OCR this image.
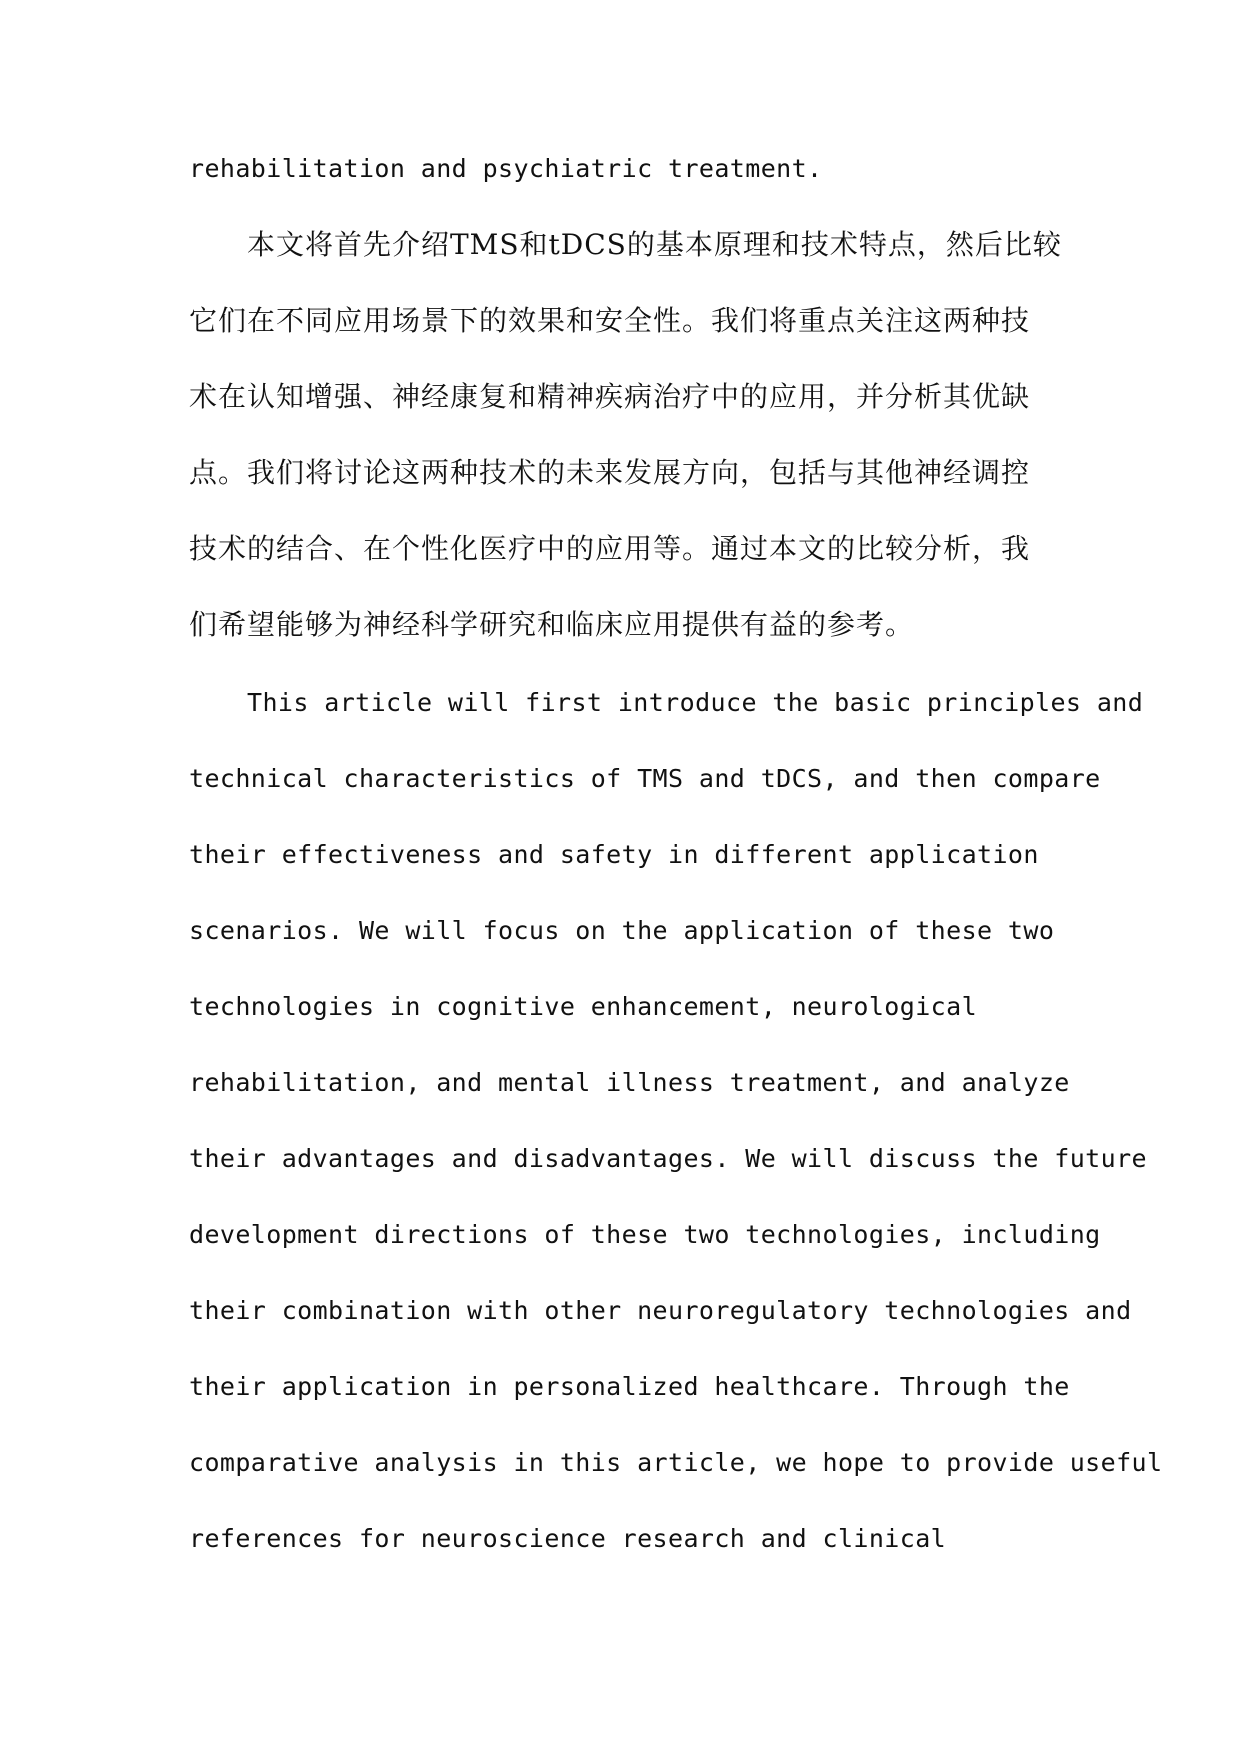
rehabilitation and psychiatric treatment.
本文将首先介绍TMS和tDCS的基本原理和技术特点，然后比较
它们在不同应用场景下的效果和安全性。我们将重点关注这两种技
术在认知增强、神经康复和精神疾病治疗中的应用，并分析其优缺
点。我们将讨论这两种技术的未来发展方向，包括与其他神经调控
技术的结合、在个性化医疗中的应用等。通过本文的比较分析，我
们希望能够为神经科学研究和临床应用提供有益的参考。
This article will first introduce the basic principles and
technical characteristics of TMS and tDCS, and then compare
their effectiveness and safety in different application
scenarios. We will focus on the application of these two
technologies in cognitive enhancement, neurological
rehabilitation, and mental illness treatment, and analyze
their advantages and disadvantages. We will discuss the future
development directions of these two technologies, including
their combination with other neuroregulatory technologies and
their application in personalized healthcare. Through the
comparative analysis in this article, we hope to provide useful
references for neuroscience research and clinical
